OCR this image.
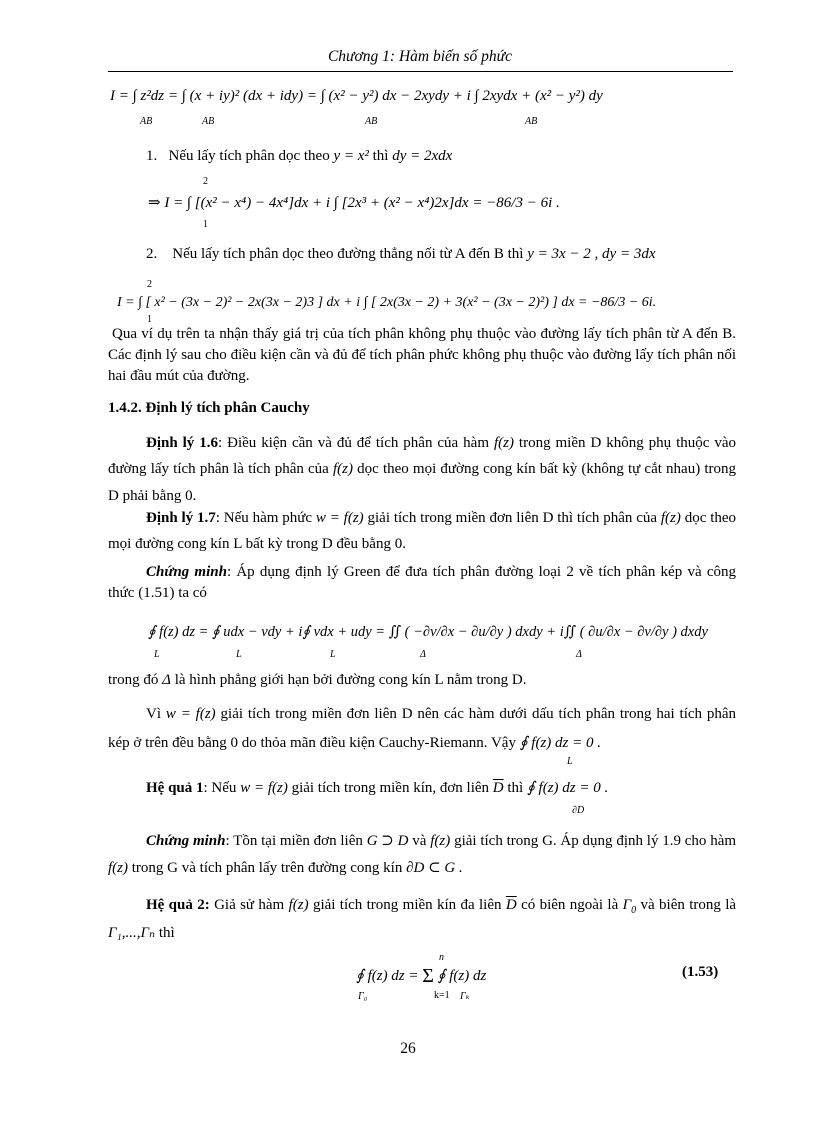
Chương 1: Hàm biến số phức
I = ∫ z²dz = ∫ (x + iy)² (dx + idy) = ∫ (x² − y²) dx − 2xydy + i ∫ 2xydx + (x² − y²) dy
AB	AB	AB	AB
1. Nếu lấy tích phân dọc theo y = x² thì dy = 2xdx
2
⇒ I = ∫ [(x² − x⁴) − 4x⁴]dx + i ∫ [2x³ + (x² − x⁴)2x]dx = −86/3 − 6i .
1
2. Nếu lấy tích phân dọc theo đường thẳng nối từ A đến B thì y = 3x − 2 , dy = 3dx
2
I = ∫ [ x² − (3x − 2)² − 2x(3x − 2)3 ] dx + i ∫ [ 2x(3x − 2) + 3(x² − (3x − 2)²) ] dx = −86/3 − 6i.
1
Qua ví dụ trên ta nhận thấy giá trị của tích phân không phụ thuộc vào đường lấy tích phân từ A đến B. Các định lý sau cho điều kiện cần và đủ để tích phân phức không phụ thuộc vào đường lấy tích phân nối hai đầu mút của đường.
1.4.2. Định lý tích phân Cauchy
Định lý 1.6: Điều kiện cần và đủ để tích phân của hàm f(z) trong miền D không phụ thuộc vào đường lấy tích phân là tích phân của f(z) dọc theo mọi đường cong kín bất kỳ (không tự cắt nhau) trong D phải bằng 0.
Định lý 1.7: Nếu hàm phức w = f(z) giải tích trong miền đơn liên D thì tích phân của f(z) dọc theo mọi đường cong kín L bất kỳ trong D đều bằng 0.
Chứng minh: Áp dụng định lý Green để đưa tích phân đường loại 2 về tích phân kép và công thức (1.51) ta có
∮ f(z) dz = ∮ udx − vdy + i∮ vdx + udy = ∬ ( −∂v/∂x − ∂u/∂y ) dxdy + i∬ ( ∂u/∂x − ∂v/∂y ) dxdy
L	L	L	Δ	Δ
trong đó Δ là hình phẳng giới hạn bởi đường cong kín L nằm trong D.
Vì w = f(z) giải tích trong miền đơn liên D nên các hàm dưới dấu tích phân trong hai tích phân kép ở trên đều bằng 0 do thỏa mãn điều kiện Cauchy-Riemann. Vậy ∮ f(z) dz = 0 .
L
Hệ quả 1: Nếu w = f(z) giải tích trong miền kín, đơn liên $\overline{D}$ thì ∮ f(z) dz = 0 .
∂D
Chứng minh: Tồn tại miền đơn liên G ⊃ D và f(z) giải tích trong G. Áp dụng định lý 1.9 cho hàm f(z) trong G và tích phân lấy trên đường cong kín ∂D ⊂ G .
Hệ quả 2: Giả sử hàm f(z) giải tích trong miền kín đa liên $\overline{D}$ có biên ngoài là $\Gamma_0$ và biên trong là Γ₁,...,Γₙ thì
∮ f(z) dz = Σ ∮ f(z) dz
n
k=1
Γ₀	Γₖ
(1.53)
26
